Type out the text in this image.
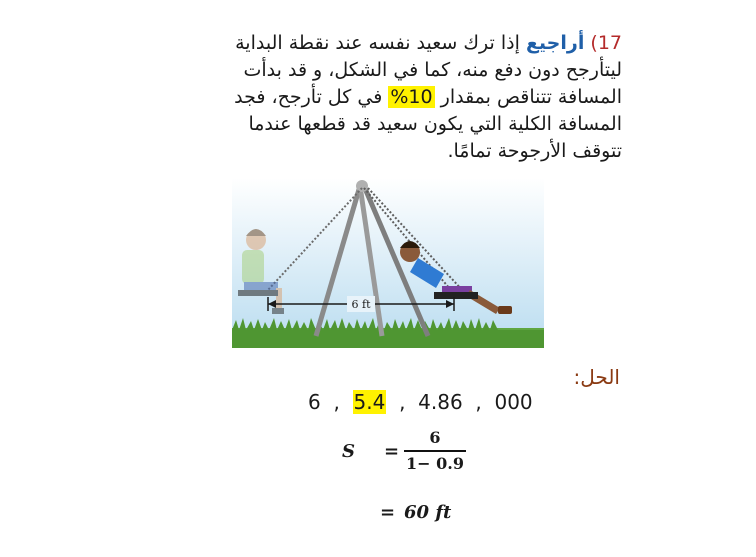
17) أراجيع إذا ترك سعيد نفسه عند نقطة البداية
ليتأرجح دون دفع منه، كما في الشكل، و قد بدأت
المسافة تتناقص بمقدار 10% في كل تأرجح، فجد
المسافة الكلية التي يكون سعيد قد قطعها عندما
تتوقف الأرجوحة تمامًا.
6 ft
الحل:
6 , 5.4 , 4.86 , 000
S =
6
1− 0.9
= 60 ft
